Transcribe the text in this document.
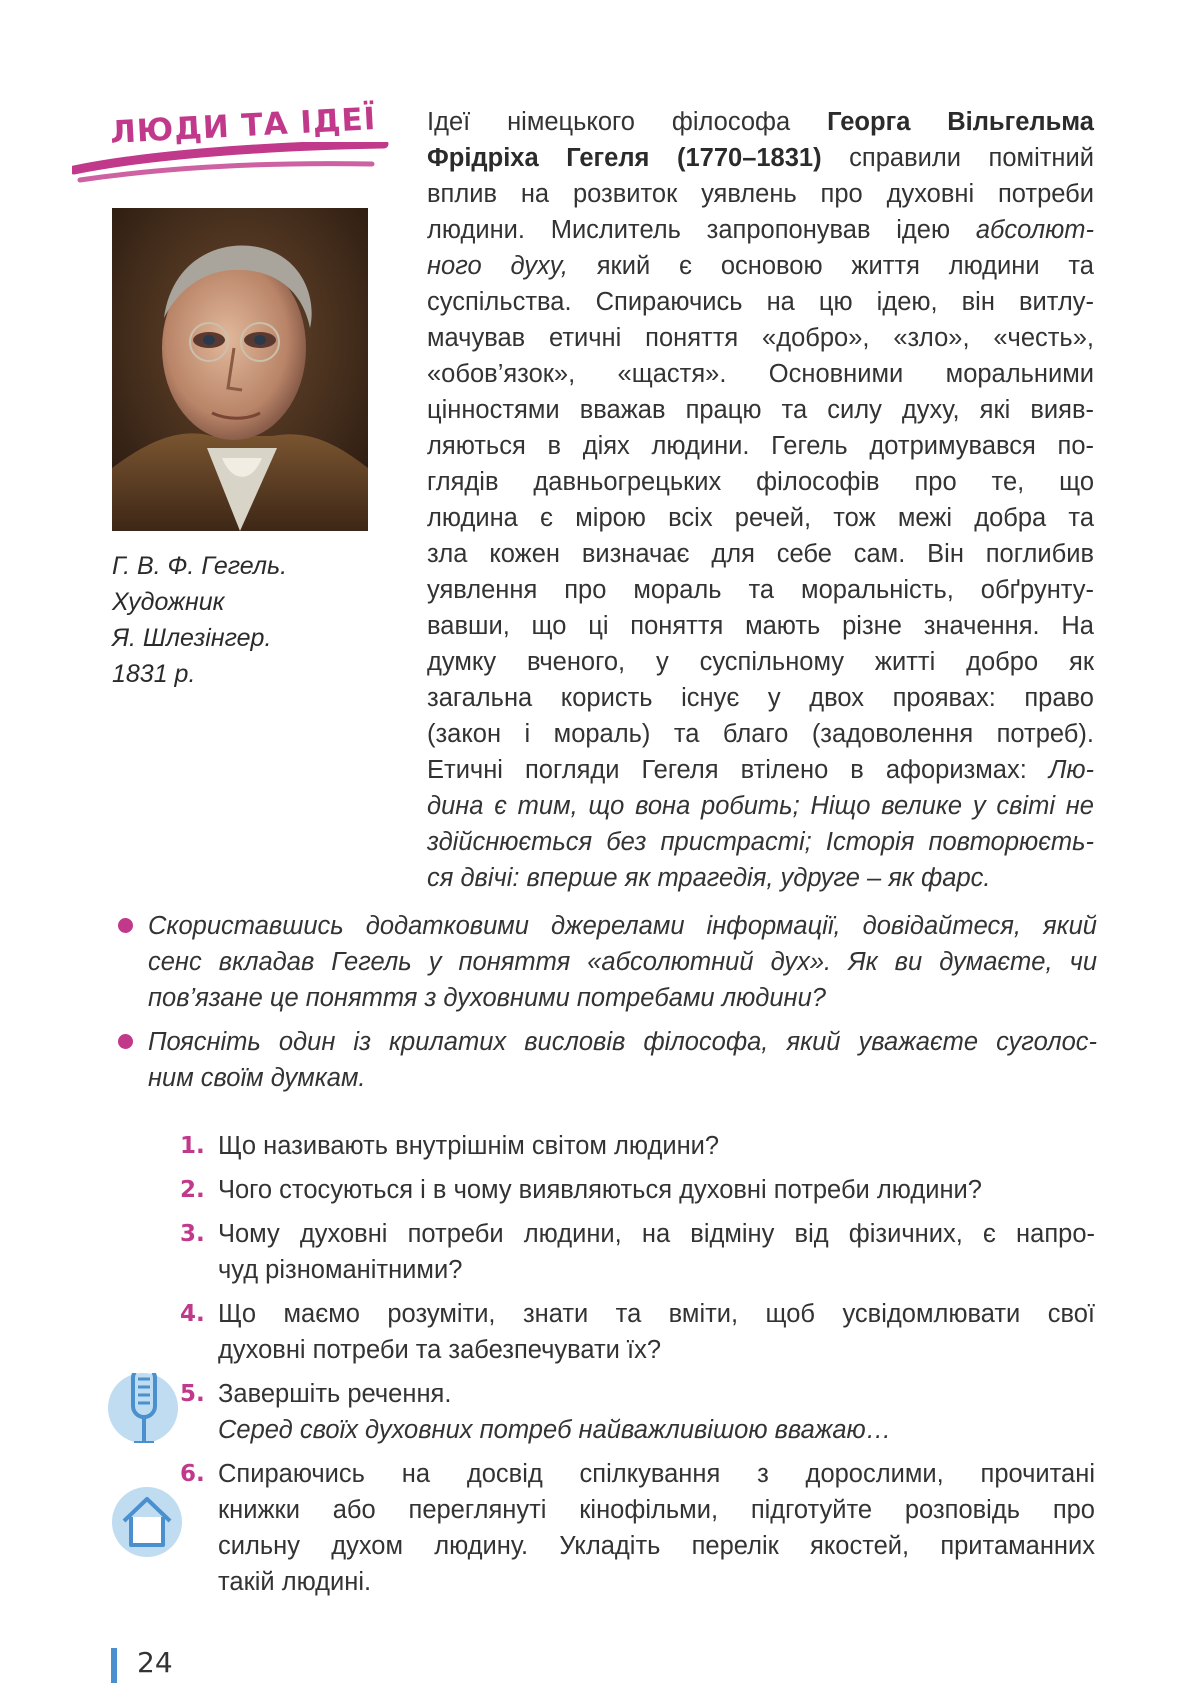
ЛЮДИ ТА ІДЕЇ
Г. В. Ф. Гегель.
Художник
Я. Шлезінгер.
1831 р.
Ідеї німецького філософа Георга Вільгельма
Фрідріха Гегеля (1770–1831) справили помітний
вплив на розвиток уявлень про духовні потреби
людини. Мислитель запропонував ідею абсолют-
ного духу, який є основою життя людини та
суспільства. Спираючись на цю ідею, він витлу-
мачував етичні поняття «добро», «зло», «честь»,
«обов’язок», «щастя». Основними моральними
цінностями вважав працю та силу духу, які вияв-
ляються в діях людини. Гегель дотримувався по-
глядів давньогрецьких філософів про те, що
людина є мірою всіх речей, тож межі добра та
зла кожен визначає для себе сам. Він поглибив
уявлення про мораль та моральність, обґрунту-
вавши, що ці поняття мають різне значення. На
думку вченого, у суспільному житті добро як
загальна користь існує у двох проявах: право
(закон і мораль) та благо (задоволення потреб).
Етичні погляди Гегеля втілено в афоризмах: Лю-
дина є тим, що вона робить; Ніщо велике у світі не
здійснюється без пристрасті; Історія повторюєть-
ся двічі: вперше як трагедія, удруге – як фарс.
Скориставшись додатковими джерелами інформації, довідайтеся, який
сенс вкладав Гегель у поняття «абсолютний дух». Як ви думаєте, чи
пов’язане це поняття з духовними потребами людини?
Поясніть один із крилатих висловів філософа, який уважаєте суголос-
ним своїм думкам.
1. Що називають внутрішнім світом людини?
2. Чого стосуються і в чому виявляються духовні потреби людини?
3. Чому духовні потреби людини, на відміну від фізичних, є напро-
чуд різноманітними?
4. Що маємо розуміти, знати та вміти, щоб усвідомлювати свої
духовні потреби та забезпечувати їх?
5. Завершіть речення.
Серед своїх духовних потреб найважливішою вважаю…
6. Спираючись на досвід спілкування з дорослими, прочитані
книжки або переглянуті кінофільми, підготуйте розповідь про
сильну духом людину. Укладіть перелік якостей, притаманних
такій людині.
24
